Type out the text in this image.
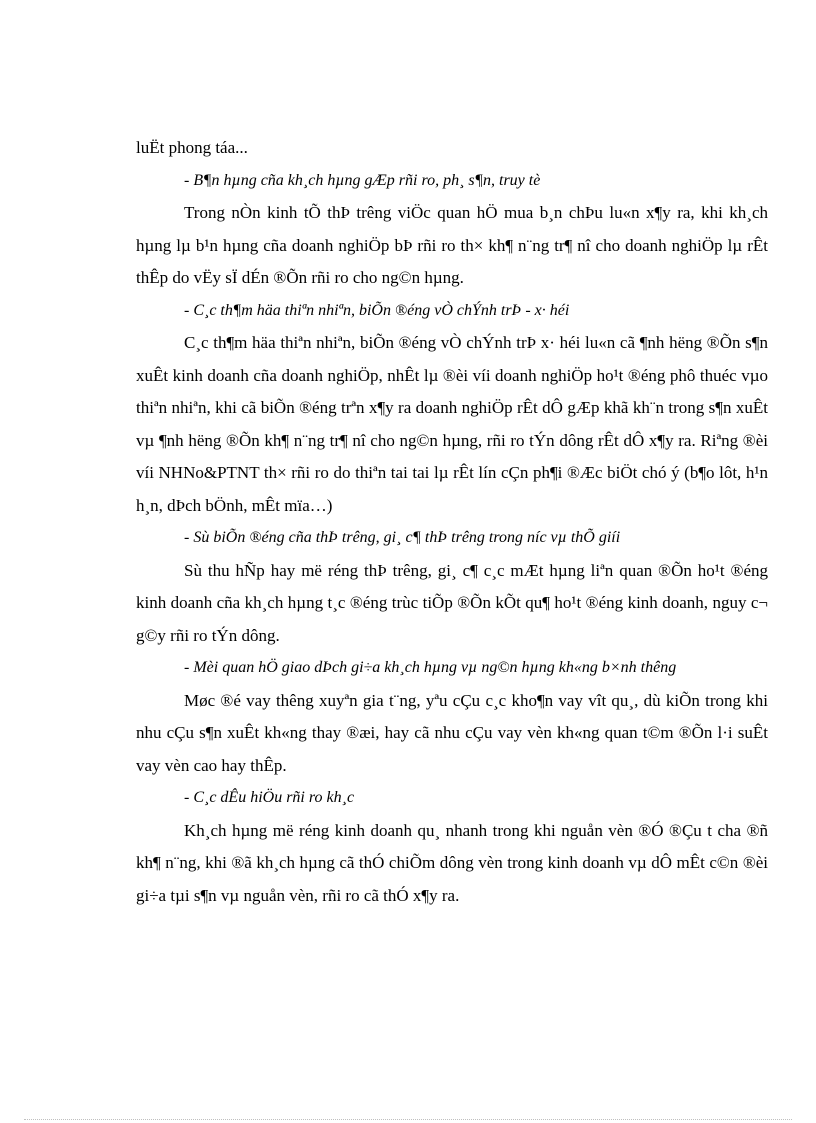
luËt phong táa...

- B¶n hµng cña kh¸ch hµng gÆp rñi ro, ph¸ s¶n, truy tè

Trong nÒn kinh tÕ thÞ trêng viÖc quan hÖ mua b¸n chÞu lu«n x¶y ra, khi kh¸ch hµng lµ b¹n hµng cña doanh nghiÖp bÞ rñi ro th× kh¶ n¨ng tr¶ nî cho doanh nghiÖp lµ rÊt thÊp do vËy sÏ dÉn ®Õn rñi ro cho ng©n hµng.

- C¸c th¶m häa thiªn nhiªn, biÕn ®éng vÒ chÝnh trÞ - x· héi

C¸c th¶m häa thiªn nhiªn, biÕn ®éng vÒ chÝnh trÞ x· héi lu«n cã ¶nh hëng ®Õn s¶n xuÊt kinh doanh cña doanh nghiÖp, nhÊt lµ ®èi víi doanh nghiÖp ho¹t ®éng phô thuéc vµo thiªn nhiªn, khi cã biÕn ®éng trªn x¶y ra doanh nghiÖp rÊt dÔ gÆp khã kh¨n trong s¶n xuÊt vµ ¶nh hëng ®Õn kh¶ n¨ng tr¶ nî cho ng©n hµng, rñi ro tÝn dông rÊt dÔ x¶y ra. Riªng ®èi víi NHNo&PTNT th× rñi ro do thiªn tai tai lµ rÊt lín cÇn ph¶i ®Æc biÖt chó ý (b¶o lôt, h¹n h¸n, dÞch bÖnh, mÊt mïa…)

- Sù biÕn ®éng cña thÞ trêng, gi¸ c¶ thÞ trêng trong níc vµ thÕ giíi

Sù thu hÑp hay më réng thÞ trêng, gi¸ c¶ c¸c mÆt hµng liªn quan ®Õn ho¹t ®éng kinh doanh cña kh¸ch hµng t¸c ®éng trùc tiÕp ®Õn kÕt qu¶ ho¹t ®éng kinh doanh, nguy c¬ g©y rñi ro tÝn dông.

- Mèi quan hÖ giao dÞch gi÷a kh¸ch hµng vµ ng©n hµng kh«ng b×nh thêng

Møc ®é vay thêng xuyªn gia t¨ng, yªu cÇu c¸c kho¶n vay vît qu¸, dù kiÕn trong khi nhu cÇu s¶n xuÊt kh«ng thay ®æi, hay cã nhu cÇu vay vèn kh«ng quan t©m ®Õn l·i suÊt vay vèn cao hay thÊp.

- C¸c dÊu hiÖu rñi ro kh¸c

Kh¸ch hµng më réng kinh doanh qu¸ nhanh trong khi nguån vèn ®Ó ®Çu t cha ®ñ kh¶ n¨ng, khi ®ã kh¸ch hµng cã thÓ chiÕm dông vèn trong kinh doanh vµ dÔ mÊt c©n ®èi gi÷a tµi s¶n vµ nguån vèn, rñi ro cã thÓ x¶y ra.
